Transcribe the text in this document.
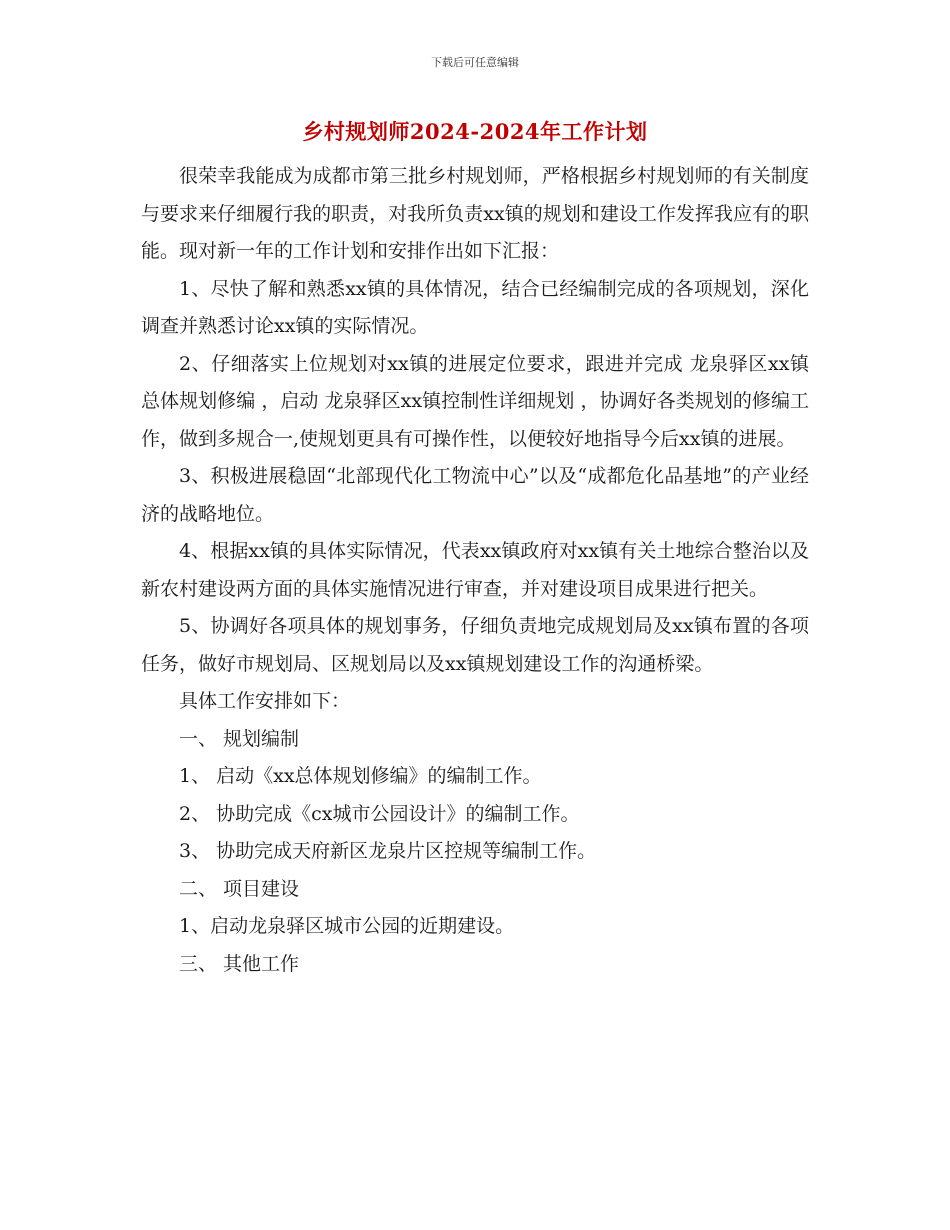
下载后可任意编辑
乡村规划师2024-2024年工作计划

很荣幸我能成为成都市第三批乡村规划师，严格根据乡村规划师的有关制度与要求来仔细履行我的职责，对我所负责xx镇的规划和建设工作发挥我应有的职能。现对新一年的工作计划和安排作出如下汇报：

1、尽快了解和熟悉xx镇的具体情况，结合已经编制完成的各项规划，深化调查并熟悉讨论xx镇的实际情况。

2、仔细落实上位规划对xx镇的进展定位要求，跟进并完成 龙泉驿区xx镇总体规划修编 ，启动 龙泉驿区xx镇控制性详细规划 ，协调好各类规划的修编工作，做到多规合一,使规划更具有可操作性，以便较好地指导今后xx镇的进展。

3、积极进展稳固“北部现代化工物流中心”以及“成都危化品基地”的产业经济的战略地位。

4、根据xx镇的具体实际情况，代表xx镇政府对xx镇有关土地综合整治以及新农村建设两方面的具体实施情况进行审查，并对建设项目成果进行把关。

5、协调好各项具体的规划事务，仔细负责地完成规划局及xx镇布置的各项任务，做好市规划局、区规划局以及xx镇规划建设工作的沟通桥梁。

具体工作安排如下：

一、 规划编制

1、 启动《xx总体规划修编》的编制工作。

2、 协助完成《cx城市公园设计》的编制工作。

3、 协助完成天府新区龙泉片区控规等编制工作。

二、 项目建设

1、启动龙泉驿区城市公园的近期建设。

三、 其他工作
